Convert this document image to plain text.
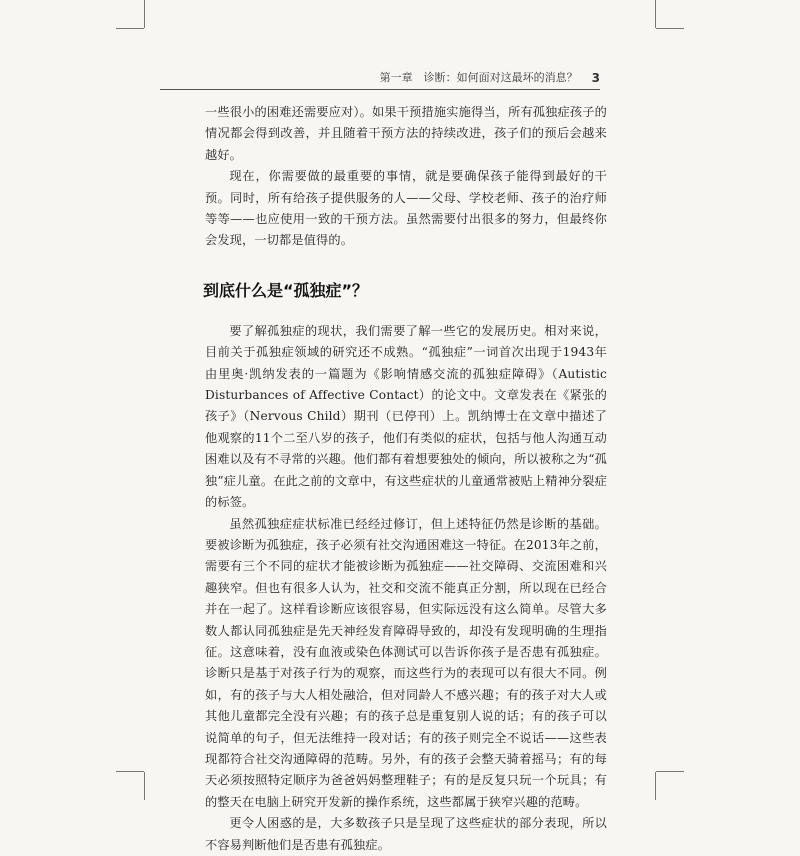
第一章　诊断：如何面对这最坏的消息？ 3

一些很小的困难还需要应对）。如果干预措施实施得当，所有孤独症孩子的情况都会得到改善，并且随着干预方法的持续改进，孩子们的预后会越来越好。

现在，你需要做的最重要的事情，就是要确保孩子能得到最好的干预。同时，所有给孩子提供服务的人——父母、学校老师、孩子的治疗师等等——也应使用一致的干预方法。虽然需要付出很多的努力，但最终你会发现，一切都是值得的。

到底什么是“孤独症”？

要了解孤独症的现状，我们需要了解一些它的发展历史。相对来说，目前关于孤独症领域的研究还不成熟。“孤独症”一词首次出现于1943年由里奥·凯纳发表的一篇题为《影响情感交流的孤独症障碍》（Autistic Disturbances of Affective Contact）的论文中。文章发表在《紧张的孩子》（Nervous Child）期刊（已停刊）上。凯纳博士在文章中描述了他观察的11个二至八岁的孩子，他们有类似的症状，包括与他人沟通互动困难以及有不寻常的兴趣。他们都有着想要独处的倾向，所以被称之为“孤独”症儿童。在此之前的文章中，有这些症状的儿童通常被贴上精神分裂症的标签。

虽然孤独症症状标准已经经过修订，但上述特征仍然是诊断的基础。要被诊断为孤独症，孩子必须有社交沟通困难这一特征。在2013年之前，需要有三个不同的症状才能被诊断为孤独症——社交障碍、交流困难和兴趣狭窄。但也有很多人认为，社交和交流不能真正分割，所以现在已经合并在一起了。这样看诊断应该很容易，但实际远没有这么简单。尽管大多数人都认同孤独症是先天神经发育障碍导致的，却没有发现明确的生理指征。这意味着，没有血液或染色体测试可以告诉你孩子是否患有孤独症。诊断只是基于对孩子行为的观察，而这些行为的表现可以有很大不同。例如，有的孩子与大人相处融洽，但对同龄人不感兴趣；有的孩子对大人或其他儿童都完全没有兴趣；有的孩子总是重复别人说的话；有的孩子可以说简单的句子，但无法维持一段对话；有的孩子则完全不说话——这些表现都符合社交沟通障碍的范畴。另外，有的孩子会整天骑着摇马；有的每天必须按照特定顺序为爸爸妈妈整理鞋子；有的是反复只玩一个玩具；有的整天在电脑上研究开发新的操作系统，这些都属于狭窄兴趣的范畴。

更令人困惑的是，大多数孩子只是呈现了这些症状的部分表现，所以不容易判断他们是否患有孤独症。
